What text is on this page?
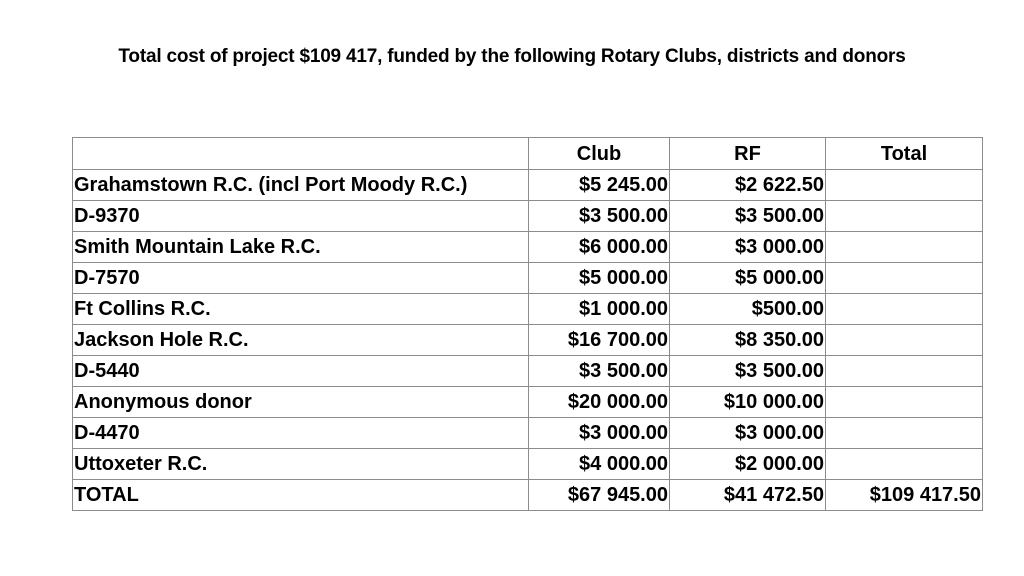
Total cost of project $109 417, funded by the following Rotary Clubs, districts and donors
	Club	RF	Total
Grahamstown R.C. (incl Port Moody R.C.)	$5 245.00	$2 622.50	
D-9370	$3 500.00	$3 500.00	
Smith Mountain Lake R.C.	$6 000.00	$3 000.00	
D-7570	$5 000.00	$5 000.00	
Ft Collins R.C.	$1 000.00	$500.00	
Jackson Hole R.C.	$16 700.00	$8 350.00	
D-5440	$3 500.00	$3 500.00	
Anonymous donor	$20 000.00	$10 000.00	
D-4470	$3 000.00	$3 000.00	
Uttoxeter R.C.	$4 000.00	$2 000.00	
TOTAL	$67 945.00	$41 472.50	$109 417.50
